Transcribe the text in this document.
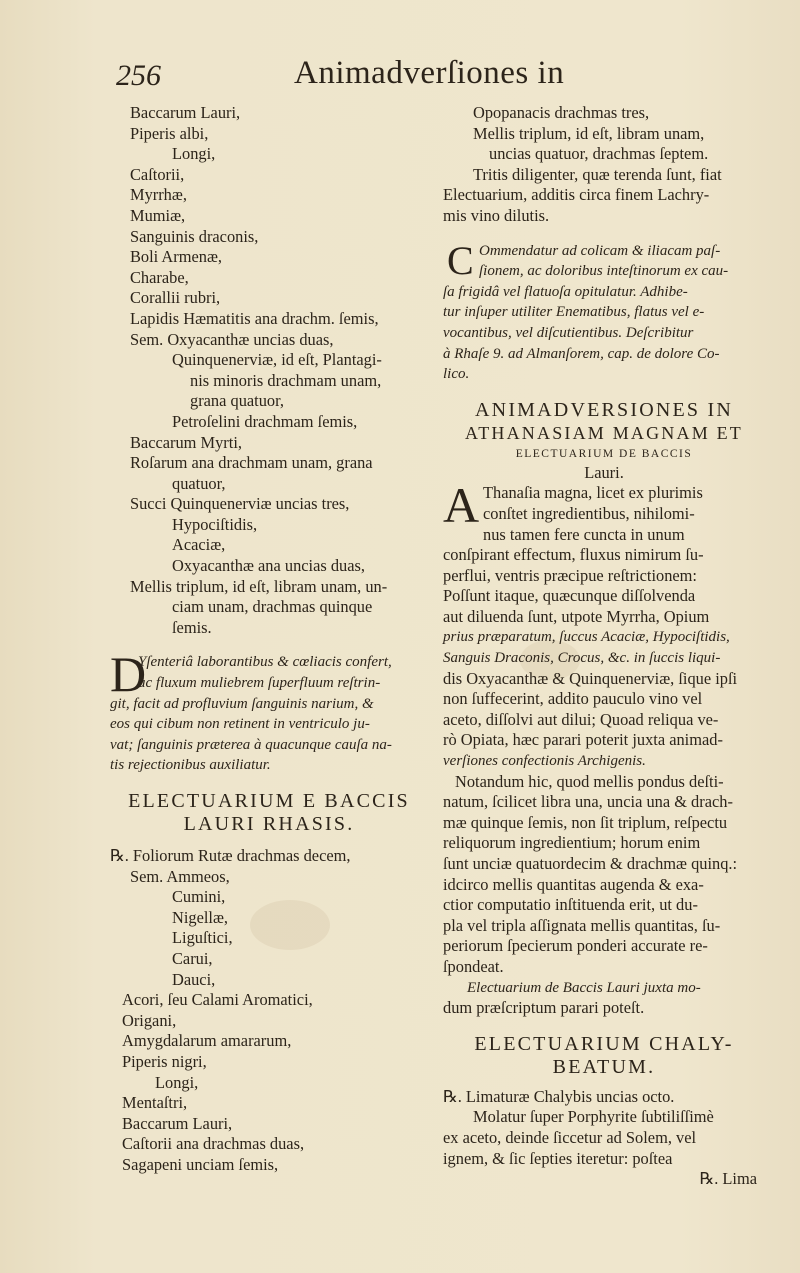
256	Animadverſiones in
Baccarum Lauri,
Piperis albi,
Longi,
Caſtorii,
Myrrhæ,
Mumiæ,
Sanguinis draconis,
Boli Armenæ,
Charabe,
Corallii rubri,
Lapidis Hæmatitis ana drachm. ſemis,
Sem. Oxyacanthæ uncias duas,
Quinquenerviæ, id eſt, Plantagi-
nis minoris drachmam unam,
grana quatuor,
Petroſelini drachmam ſemis,
Baccarum Myrti,
Roſarum ana drachmam unam, grana
quatuor,
Succi Quinquenerviæ uncias tres,
Hypociſtidis,
Acaciæ,
Oxyacanthæ ana uncias duas,
Mellis triplum, id eſt, libram unam, un-
ciam unam, drachmas quinque
ſemis.
D
Yſenteriâ laborantibus & cœliacis confert,
ac fluxum muliebrem ſuperfluum reſtrin-
git, facit ad profluvium ſanguinis narium, &
eos qui cibum non retinent in ventriculo ju-
vat; ſanguinis præterea à quacunque cauſa na-
tis rejectionibus auxiliatur.
ELECTUARIUM E BACCIS
LAURI RHASIS.
℞. Foliorum Rutæ drachmas decem,
Sem. Ammeos,
Cumini,
Nigellæ,
Liguſtici,
Carui,
Dauci,
Acori, ſeu Calami Aromatici,
Origani,
Amygdalarum amararum,
Piperis nigri,
Longi,
Mentaſtri,
Baccarum Lauri,
Caſtorii ana drachmas duas,
Sagapeni unciam ſemis,
Opopanacis drachmas tres,
Mellis triplum, id eſt, libram unam,
uncias quatuor, drachmas ſeptem.
Tritis diligenter, quæ terenda ſunt, fiat
Electuarium, additis circa finem Lachry-
mis vino dilutis.
C Ommendatur ad colicam & iliacam paſ-
ſionem, ac doloribus inteſtinorum ex cau-
ſa frigidâ vel flatuoſa opitulatur. Adhibe-
tur inſuper utiliter Enematibus, flatus vel e-
vocantibus, vel diſcutientibus. Deſcribitur
à Rhaſe 9. ad Almanſorem, cap. de dolore Co-
lico.
ANIMADVERSIONES IN
ATHANASIAM MAGNAM ET
ELECTUARIUM DE BACCIS
Lauri.
A Thanaſia magna, licet ex plurimis
conſtet ingredientibus, nihilomi-
nus tamen fere cuncta in unum
conſpirant effectum, fluxus nimirum ſu-
perflui, ventris præcipue reſtrictionem:
Poſſunt itaque, quæcunque diſſolvenda
aut diluenda ſunt, utpote Myrrha, Opium
prius præparatum, ſuccus Acaciæ, Hypociſtidis,
Sanguis Draconis, Crocus, &c. in ſuccis liqui-
dis Oxyacanthæ & Quinquenerviæ, ſique ipſi
non ſuffecerint, addito pauculo vino vel
aceto, diſſolvi aut dilui; Quoad reliqua ve-
rò Opiata, hæc parari poterit juxta animad-
verſiones confectionis Archigenis.
Notandum hic, quod mellis pondus deſti-
natum, ſcilicet libra una, uncia una & drach-
mæ quinque ſemis, non ſit triplum, reſpectu
reliquorum ingredientium; horum enim
ſunt unciæ quatuordecim & drachmæ quinq.:
idcirco mellis quantitas augenda & exa-
ctior computatio inſtituenda erit, ut du-
pla vel tripla aſſignata mellis quantitas, ſu-
periorum ſpecierum ponderi accurate re-
ſpondeat.
Electuarium de Baccis Lauri juxta mo-
dum præſcriptum parari poteſt.
ELECTUARIUM CHALY-
BEATUM.
℞. Limaturæ Chalybis uncias octo.
Molatur ſuper Porphyrite ſubtiliſſimè
ex aceto, deinde ſiccetur ad Solem, vel
ignem, & ſic ſepties iteretur: poſtea
℞. Lima
